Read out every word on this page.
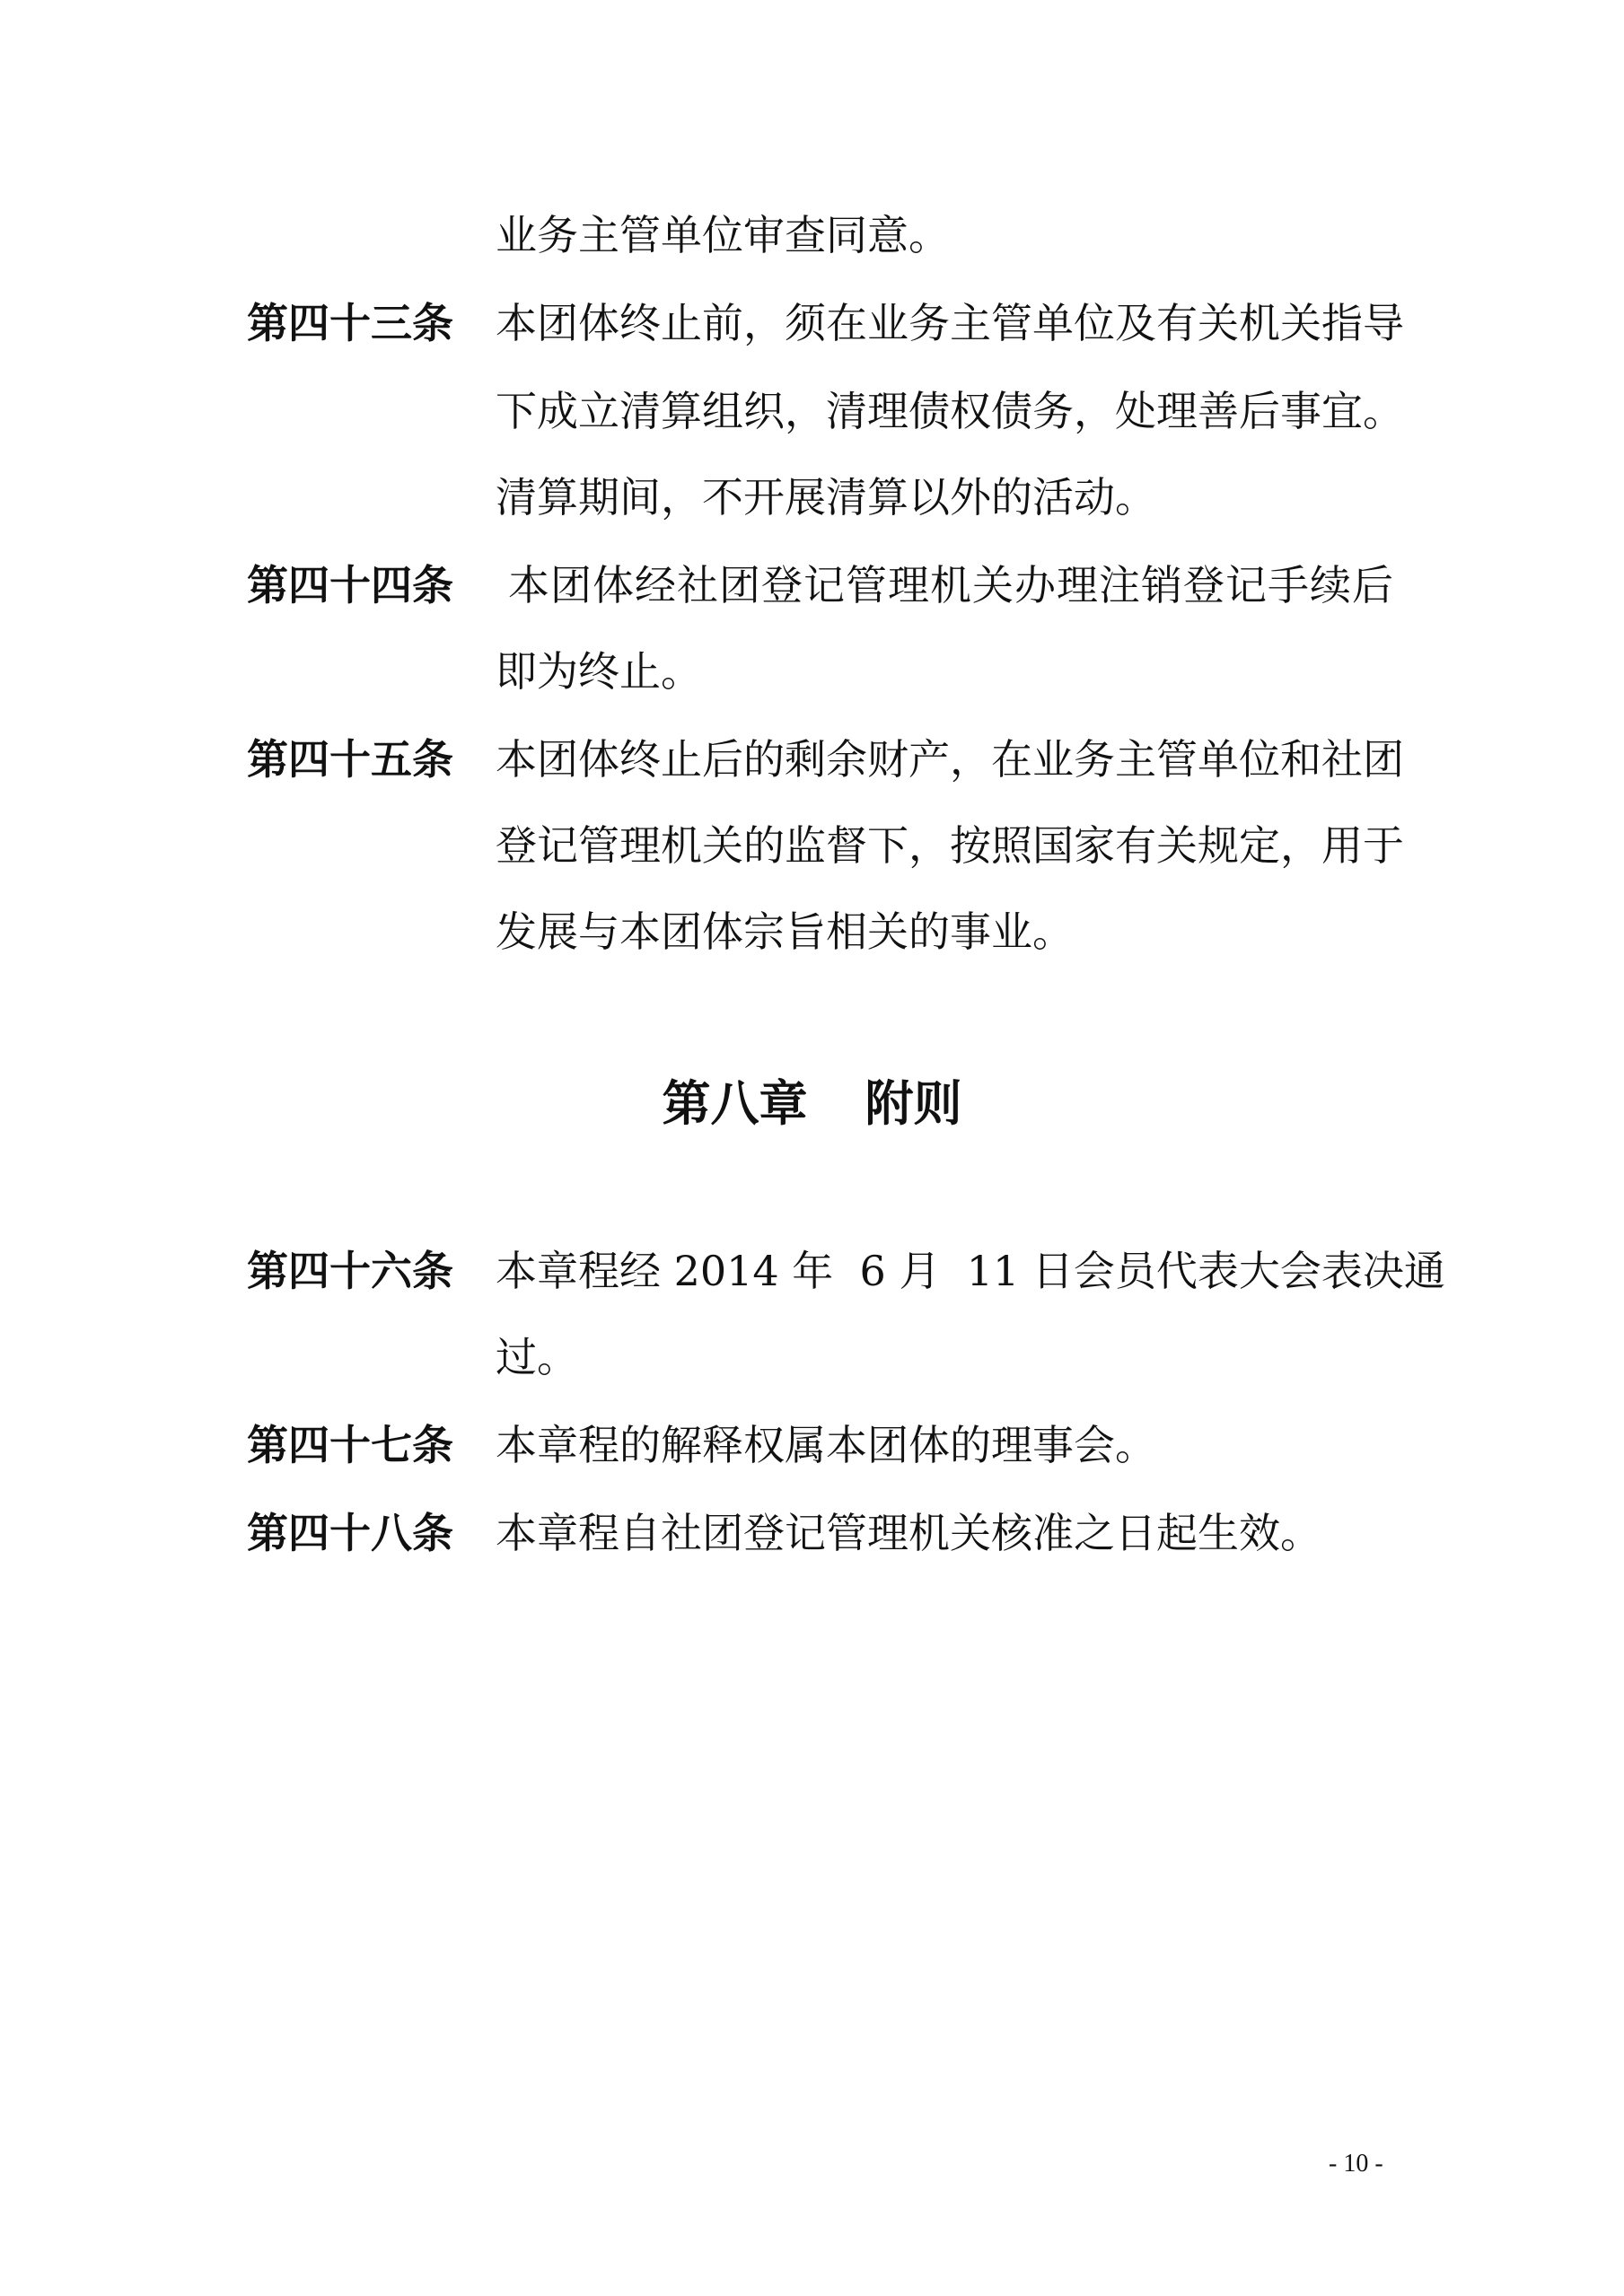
业务主管单位审查同意。
第四十三条 本团体终止前，须在业务主管单位及有关机关指导
下成立清算组织，清理债权债务，处理善后事宜。
清算期间，不开展清算以外的活动。
第四十四条 本团体经社团登记管理机关办理注销登记手续后
即为终止。
第四十五条 本团体终止后的剩余财产，在业务主管单位和社团
登记管理机关的监督下，按照国家有关规定，用于
发展与本团体宗旨相关的事业。
第八章 附则
第四十六条 本章程经 2014 年  6 月  11 日会员代表大会表决通
过。
第四十七条 本章程的解释权属本团体的理事会。
第四十八条 本章程自社团登记管理机关核准之日起生效。
- 10 -
